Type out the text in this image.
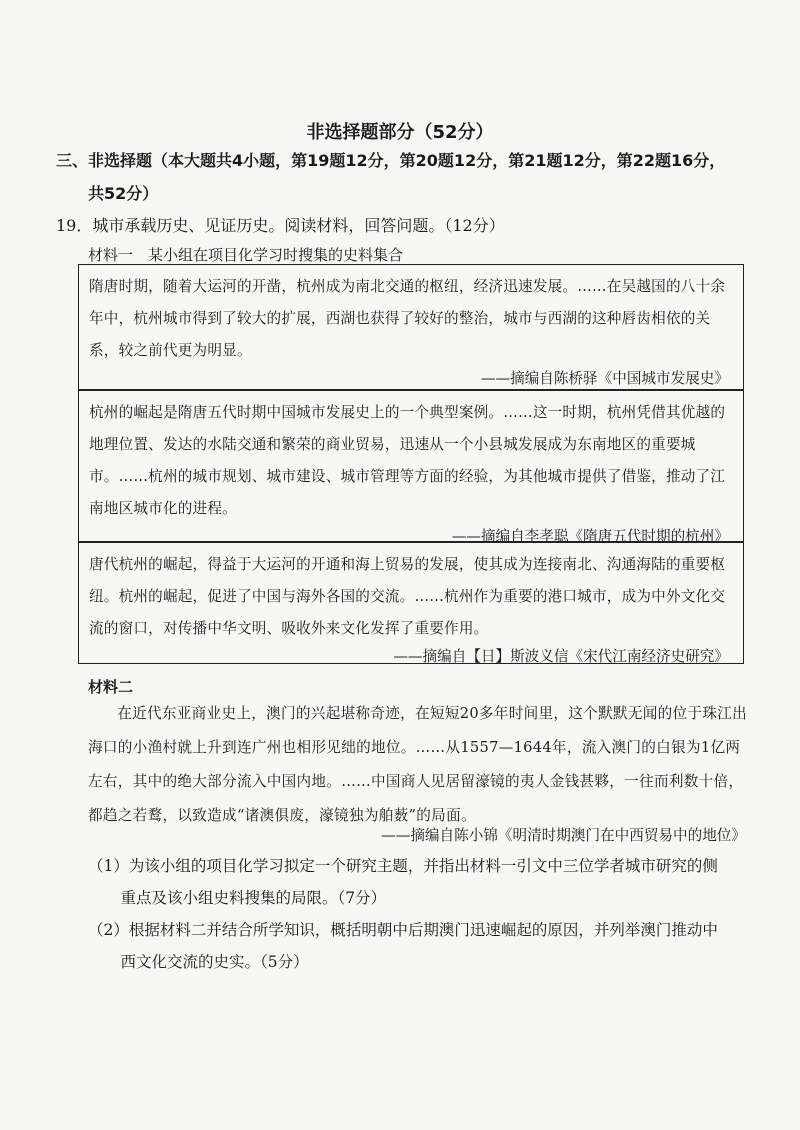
非选择题部分（52分）
三、非选择题（本大题共4小题，第19题12分，第20题12分，第21题12分，第22题16分，
共52分）
19．城市承载历史、见证历史。阅读材料，回答问题。（12分）
材料一　某小组在项目化学习时搜集的史料集合
隋唐时期，随着大运河的开凿，杭州成为南北交通的枢纽，经济迅速发展。……在吴越国的八十余年中，杭州城市得到了较大的扩展，西湖也获得了较好的整治，城市与西湖的这种唇齿相依的关系，较之前代更为明显。
——摘编自陈桥驿《中国城市发展史》
杭州的崛起是隋唐五代时期中国城市发展史上的一个典型案例。……这一时期，杭州凭借其优越的地理位置、发达的水陆交通和繁荣的商业贸易，迅速从一个小县城发展成为东南地区的重要城市。……杭州的城市规划、城市建设、城市管理等方面的经验，为其他城市提供了借鉴，推动了江南地区城市化的进程。
——摘编自李孝聪《隋唐五代时期的杭州》
唐代杭州的崛起，得益于大运河的开通和海上贸易的发展，使其成为连接南北、沟通海陆的重要枢纽。杭州的崛起，促进了中国与海外各国的交流。……杭州作为重要的港口城市，成为中外文化交流的窗口，对传播中华文明、吸收外来文化发挥了重要作用。
——摘编自【日】斯波义信《宋代江南经济史研究》
材料二
在近代东亚商业史上，澳门的兴起堪称奇迹，在短短20多年时间里，这个默默无闻的位于珠江出海口的小渔村就上升到连广州也相形见绌的地位。……从1557—1644年，流入澳门的白银为1亿两左右，其中的绝大部分流入中国内地。……中国商人见居留濠镜的夷人金钱甚夥，一往而利数十倍，都趋之若鹜，以致造成“诸澳俱废，濠镜独为舶薮”的局面。
——摘编自陈小锦《明清时期澳门在中西贸易中的地位》
（1）为该小组的项目化学习拟定一个研究主题，并指出材料一引文中三位学者城市研究的侧
重点及该小组史料搜集的局限。（7分）
（2）根据材料二并结合所学知识，概括明朝中后期澳门迅速崛起的原因，并列举澳门推动中
西文化交流的史实。（5分）
